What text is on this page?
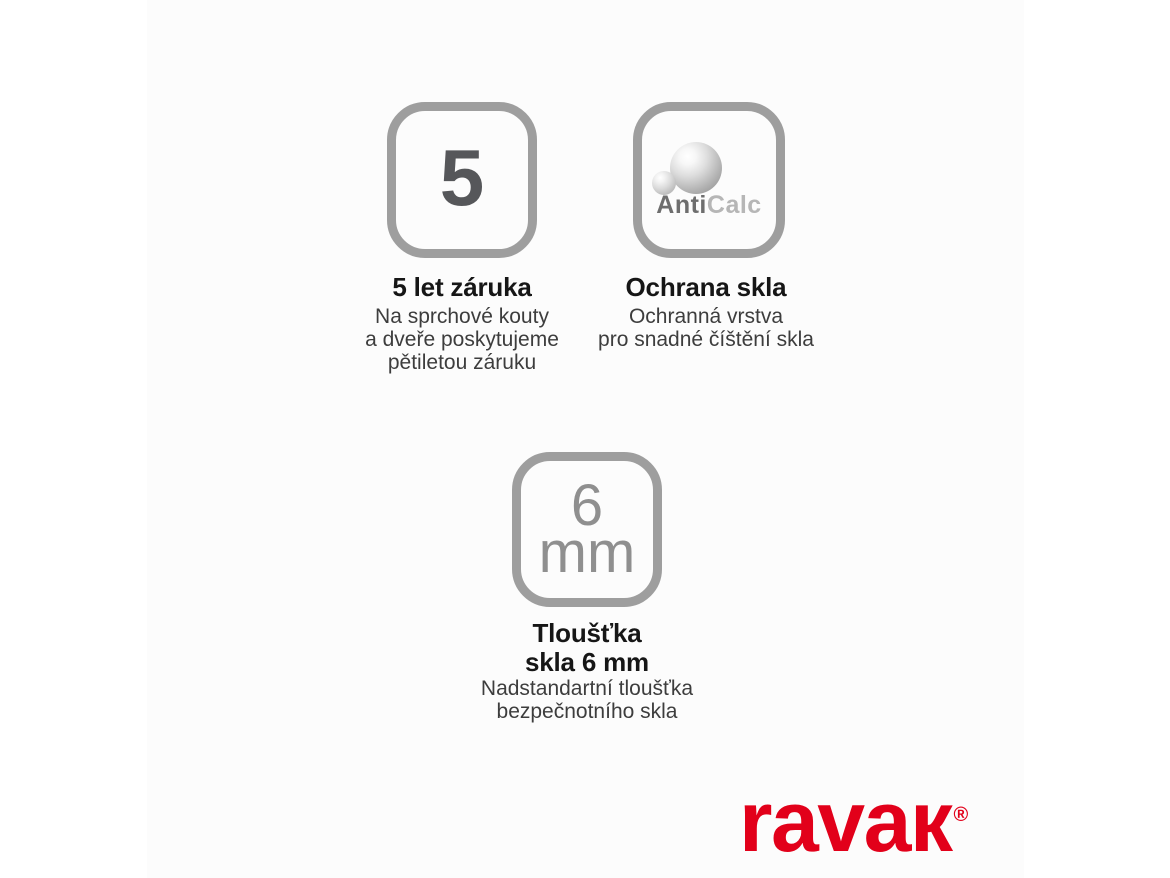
5	AntiCalc
6
mm
5 let záruka
Na sprchové kouty
a dveře poskytujeme
pětiletou záruku
Ochrana skla
Ochranná vrstva
pro snadné číštění skla
Tloušťka
skla 6 mm
Nadstandartní tloušťka
bezpečnotního skla
ravaк ®
